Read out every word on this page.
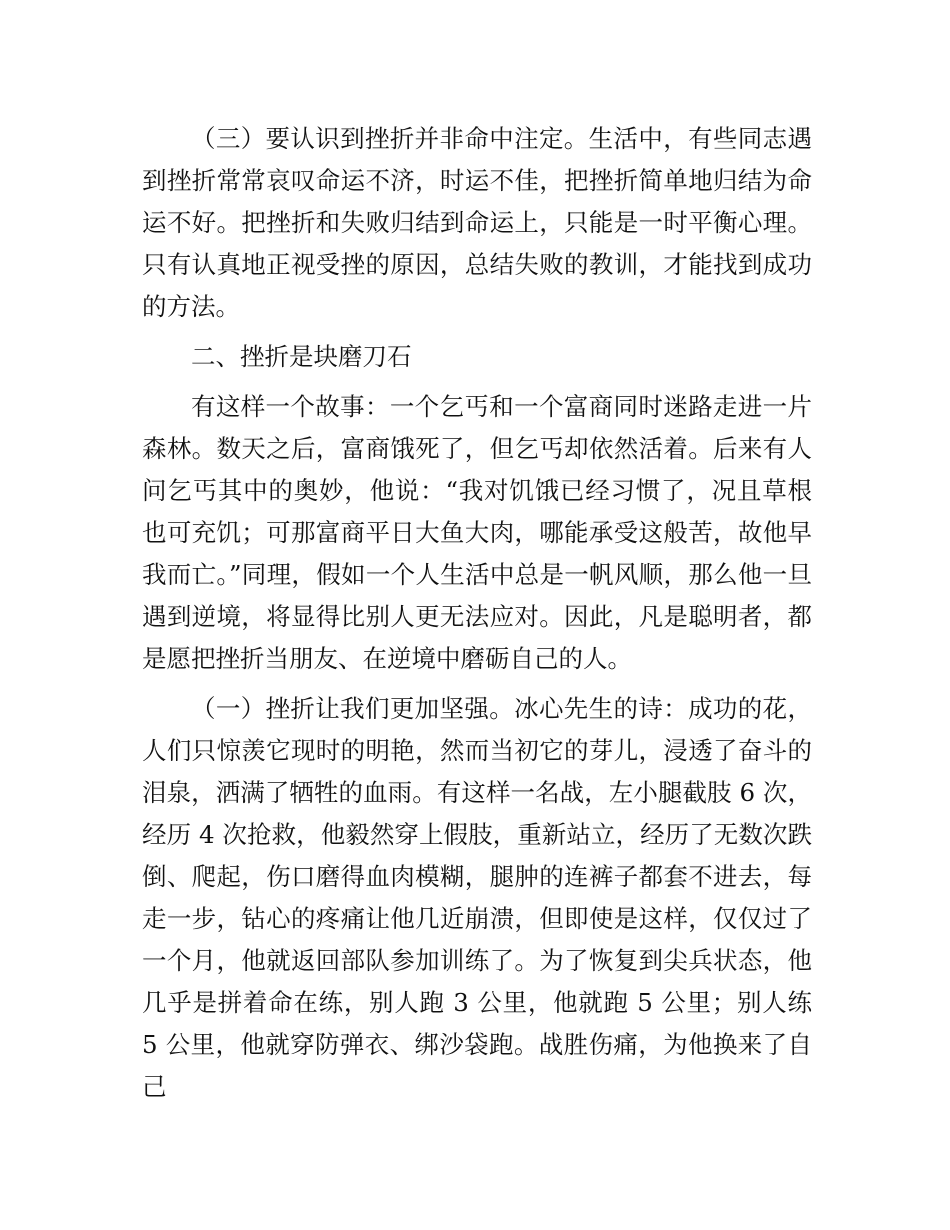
（三）要认识到挫折并非命中注定。生活中，有些同志遇到挫折常常哀叹命运不济，时运不佳，把挫折简单地归结为命运不好。把挫折和失败归结到命运上，只能是一时平衡心理。只有认真地正视受挫的原因，总结失败的教训，才能找到成功的方法。

二、挫折是块磨刀石

有这样一个故事：一个乞丐和一个富商同时迷路走进一片森林。数天之后，富商饿死了，但乞丐却依然活着。后来有人问乞丐其中的奥妙，他说：“我对饥饿已经习惯了，况且草根也可充饥；可那富商平日大鱼大肉，哪能承受这般苦，故他早我而亡。”同理，假如一个人生活中总是一帆风顺，那么他一旦遇到逆境，将显得比别人更无法应对。因此，凡是聪明者，都是愿把挫折当朋友、在逆境中磨砺自己的人。

（一）挫折让我们更加坚强。冰心先生的诗：成功的花，人们只惊羡它现时的明艳，然而当初它的芽儿，浸透了奋斗的泪泉，洒满了牺牲的血雨。有这样一名战，左小腿截肢 6 次，经历 4 次抢救，他毅然穿上假肢，重新站立，经历了无数次跌倒、爬起，伤口磨得血肉模糊，腿肿的连裤子都套不进去，每走一步，钻心的疼痛让他几近崩溃，但即使是这样，仅仅过了一个月，他就返回部队参加训练了。为了恢复到尖兵状态，他几乎是拼着命在练，别人跑 3 公里，他就跑 5 公里；别人练 5 公里，他就穿防弹衣、绑沙袋跑。战胜伤痛，为他换来了自己
